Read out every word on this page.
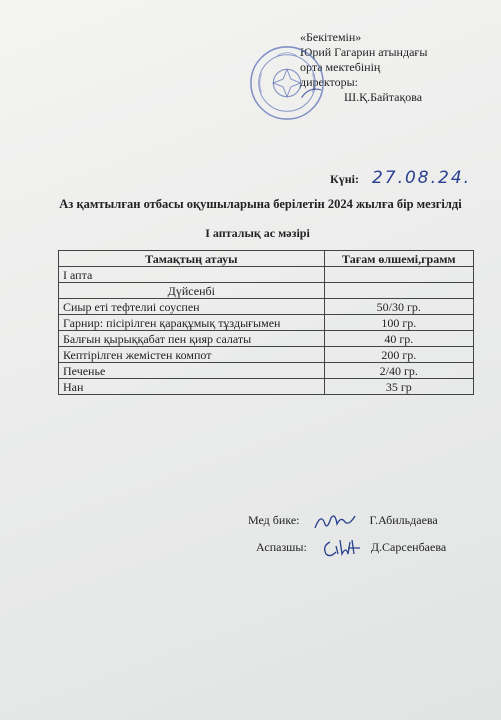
«Бекітемін»
Юрий Гагарин атындағы
орта мектебінің
директоры:
Ш.Қ.Байтақова
Күні: 27.08.24.
Аз қамтылған отбасы оқушыларына берілетін 2024 жылға бір мезгілді
I апталық ас мәзірі
Тамақтың атауы	Тағам өлшемі,грамм
I апта	
Дүйсенбі	
Сиыр еті тефтелиі соуспен	50/30 гр.
Гарнир: пісірілген қарақұмық тұздығымен	100 гр.
Балғын қырыққабат пен қияр салаты	40 гр.
Кептірілген жемістен компот	200 гр.
Печенье	2/40 гр.
Нан	35 гр
Мед бике:	Г.Абильдаева
Аспазшы:	Д.Сарсенбаева
